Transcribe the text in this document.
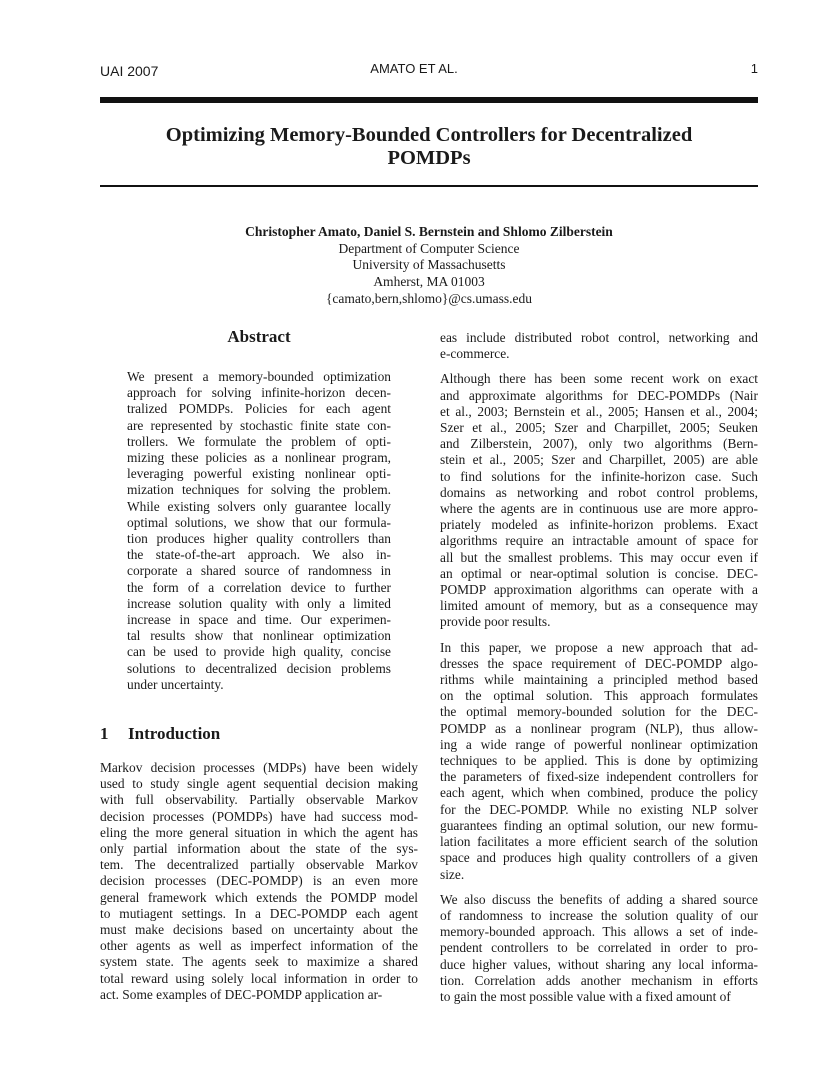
UAI 2007	AMATO ET AL.	1
Optimizing Memory-Bounded Controllers for Decentralized
POMDPs
Christopher Amato, Daniel S. Bernstein and Shlomo Zilberstein
Department of Computer Science
University of Massachusetts
Amherst, MA 01003
{camato,bern,shlomo}@cs.umass.edu
Abstract
We present a memory-bounded optimization
approach for solving infinite-horizon decen-
tralized POMDPs. Policies for each agent
are represented by stochastic finite state con-
trollers. We formulate the problem of opti-
mizing these policies as a nonlinear program,
leveraging powerful existing nonlinear opti-
mization techniques for solving the problem.
While existing solvers only guarantee locally
optimal solutions, we show that our formula-
tion produces higher quality controllers than
the state-of-the-art approach. We also in-
corporate a shared source of randomness in
the form of a correlation device to further
increase solution quality with only a limited
increase in space and time. Our experimen-
tal results show that nonlinear optimization
can be used to provide high quality, concise
solutions to decentralized decision problems
under uncertainty.
1 Introduction
Markov decision processes (MDPs) have been widely
used to study single agent sequential decision making
with full observability. Partially observable Markov
decision processes (POMDPs) have had success mod-
eling the more general situation in which the agent has
only partial information about the state of the sys-
tem. The decentralized partially observable Markov
decision processes (DEC-POMDP) is an even more
general framework which extends the POMDP model
to mutiagent settings. In a DEC-POMDP each agent
must make decisions based on uncertainty about the
other agents as well as imperfect information of the
system state. The agents seek to maximize a shared
total reward using solely local information in order to
act. Some examples of DEC-POMDP application ar-
eas include distributed robot control, networking and
e-commerce.
Although there has been some recent work on exact
and approximate algorithms for DEC-POMDPs (Nair
et al., 2003; Bernstein et al., 2005; Hansen et al., 2004;
Szer et al., 2005; Szer and Charpillet, 2005; Seuken
and Zilberstein, 2007), only two algorithms (Bern-
stein et al., 2005; Szer and Charpillet, 2005) are able
to find solutions for the infinite-horizon case. Such
domains as networking and robot control problems,
where the agents are in continuous use are more appro-
priately modeled as infinite-horizon problems. Exact
algorithms require an intractable amount of space for
all but the smallest problems. This may occur even if
an optimal or near-optimal solution is concise. DEC-
POMDP approximation algorithms can operate with a
limited amount of memory, but as a consequence may
provide poor results.
In this paper, we propose a new approach that ad-
dresses the space requirement of DEC-POMDP algo-
rithms while maintaining a principled method based
on the optimal solution. This approach formulates
the optimal memory-bounded solution for the DEC-
POMDP as a nonlinear program (NLP), thus allow-
ing a wide range of powerful nonlinear optimization
techniques to be applied. This is done by optimizing
the parameters of fixed-size independent controllers for
each agent, which when combined, produce the policy
for the DEC-POMDP. While no existing NLP solver
guarantees finding an optimal solution, our new formu-
lation facilitates a more efficient search of the solution
space and produces high quality controllers of a given
size.
We also discuss the benefits of adding a shared source
of randomness to increase the solution quality of our
memory-bounded approach. This allows a set of inde-
pendent controllers to be correlated in order to pro-
duce higher values, without sharing any local informa-
tion. Correlation adds another mechanism in efforts
to gain the most possible value with a fixed amount of
